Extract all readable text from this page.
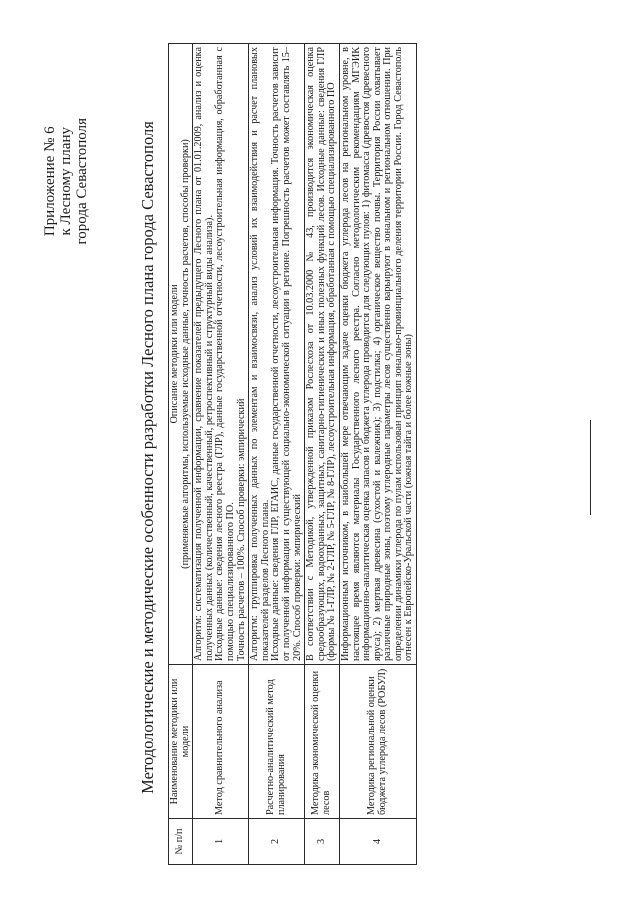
Приложение № 6 к Лесному плану города Севастополя	Методологические и методические особенности разработки Лесного плана города Севастополя
№ п/п	Наименование методики или модели	Описание методики или модели (применяемые алгоритмы, используемые исходные данные, точность расчетов, способы проверки)

1	Метод сравнительного анализа	Алгоритм: систематизация полученной информации, сравнение показателей предыдущего Лесного плана от 01.01.2009, анализ и оценка полученных данных (количественный, качественный, ретроспективный и структурный виды анализа). Исходные данные: сведения лесного реестра (ГЛР), данные государственной отчетности, лесоустроительная информация, обработанная с помощью специализированного ПО. Точность расчетов – 100%. Способ проверки: эмпирический

2	Расчетно-аналитический метод планирования	Алгоритм: группировка полученных данных по элементам и взаимосвязи, анализ условий их взаимодействия и расчет плановых показателей разделов Лесного плана. Исходные данные: сведения ГЛР, ЕГАИС, данные государственной отчетности, лесоустроительная информация. Точность расчетов зависит от полученной информации и существующей социально-экономической ситуации в регионе. Погрешность расчетов может составлять 15–20%. Способ проверки: эмпирический

3	Методика экономической оценки лесов	В соответствии с Методикой, утвержденной приказом Рослесхоза от 10.03.2000 № 43, производится экономическая оценка средообразующих, водоохранных, защитных, санитарно-гигиенических и иных полезных функций лесов. Исходные данные: сведения ГЛР (формы № 1-ГЛР, № 2-ГЛР, № 5-ГЛР, № 8-ГЛР), лесоустроительная информация, обработанная с помощью специализированного ПО

4	Методика региональной оценки бюджета углерода лесов (РОБУЛ)	Информационным источником, в наибольшей мере отвечающим задаче оценки бюджета углерода лесов на региональном уровне, в настоящее время являются материалы Государственного лесного реестра. Согласно методологическим рекомендациям МГЭИК информационно-аналитическая оценка запасов и бюджета углерода проводится для следующих пулов: 1) фитомасса (древостоя (древесного яруса); 2) мертвая древесина (сухостой и валежник); 3) подстилка; 4) органическое вещество почвы. Территория России охватывает различные природные зоны, поэтому углеродные параметры лесов существенно варьируют в зональном и региональном отношении. При определении динамики углерода по пулам использован принцип зонально-провинциального деления территории России. Город Севастополь отнесен к Европейско-Уральской части (южная тайга и более южные зоны)
